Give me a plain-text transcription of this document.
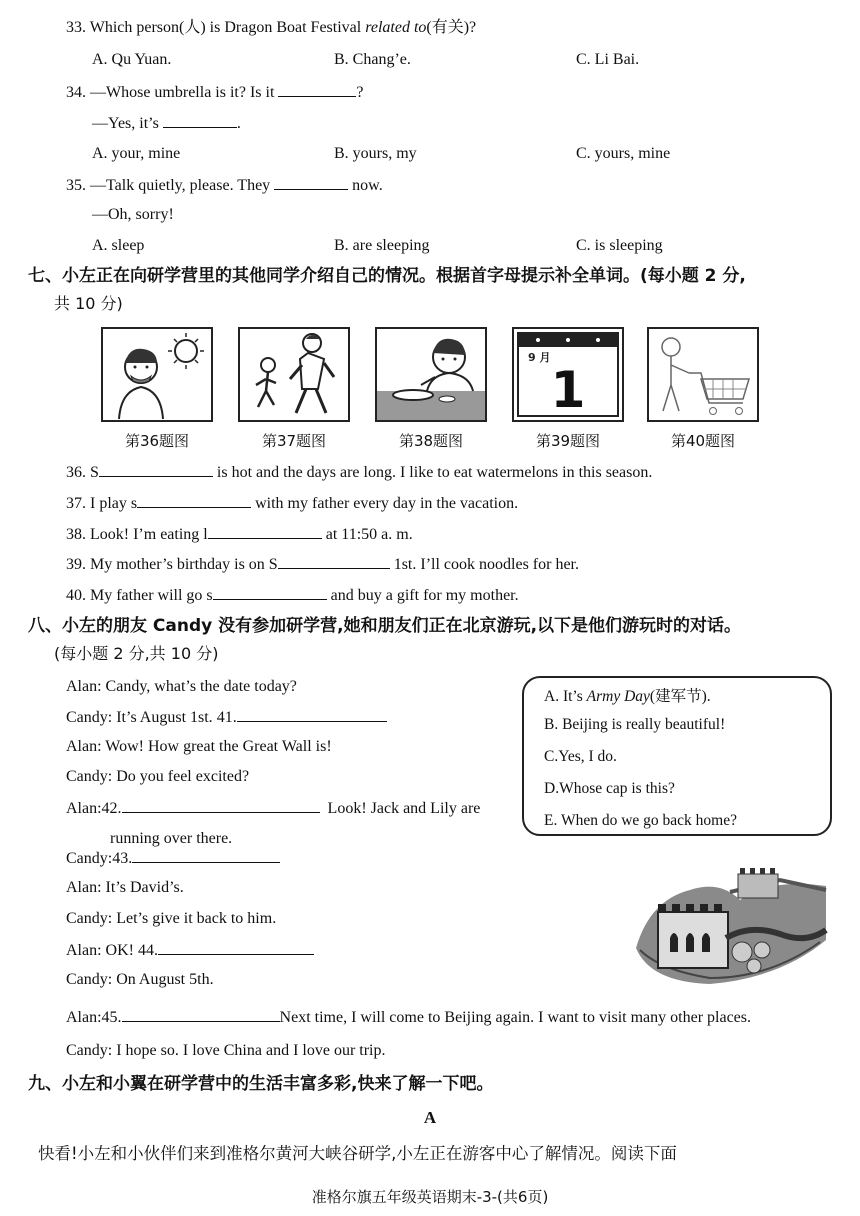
33. Which person(人) is Dragon Boat Festival related to(有关)?
A. Qu Yuan.	B. Chang’e.	C. Li Bai.
34. —Whose umbrella is it? Is it	?
—Yes, it’s	.
A. your, mine	B. yours, my	C. yours, mine
35. —Talk quietly, please. They	now.
—Oh, sorry!
A. sleep	B. are sleeping	C. is sleeping
七、小左正在向研学营里的其他同学介绍自己的情况。根据首字母提示补全单词。(每小题 2 分,
共 10 分)
9 月
1
第36题图	第37题图	第38题图	第39题图	第40题图
36. S	is hot and the days are long. I like to eat watermelons in this season.
37. I play s	with my father every day in the vacation.
38. Look! I’m eating l	at 11:50 a. m.
39. My mother’s birthday is on S	1st. I’ll cook noodles for her.
40. My father will go s	and buy a gift for my mother.
八、小左的朋友 Candy 没有参加研学营,她和朋友们正在北京游玩,以下是他们游玩时的对话。
(每小题 2 分,共 10 分)
Alan: Candy, what’s the date today?
Candy: It’s August 1st. 41.
Alan: Wow! How great the Great Wall is!
Candy: Do you feel excited?
Alan:42.	Look! Jack and Lily are
running over there.
Candy:43.
Alan: It’s David’s.
Candy: Let’s give it back to him.
Alan: OK! 44.
Candy: On August 5th.
Alan:45.	Next time, I will come to Beijing again. I want to visit many other places.
Candy: I hope so. I love China and I love our trip.
A. It’s Army Day(建军节).
B. Beijing is really beautiful!
C.Yes, I do.
D.Whose cap is this?
E. When do we go back home?
九、小左和小翼在研学营中的生活丰富多彩,快来了解一下吧。
A
快看!小左和小伙伴们来到准格尔黄河大峡谷研学,小左正在游客中心了解情况。阅读下面
准格尔旗五年级英语期末-3-(共6页)
